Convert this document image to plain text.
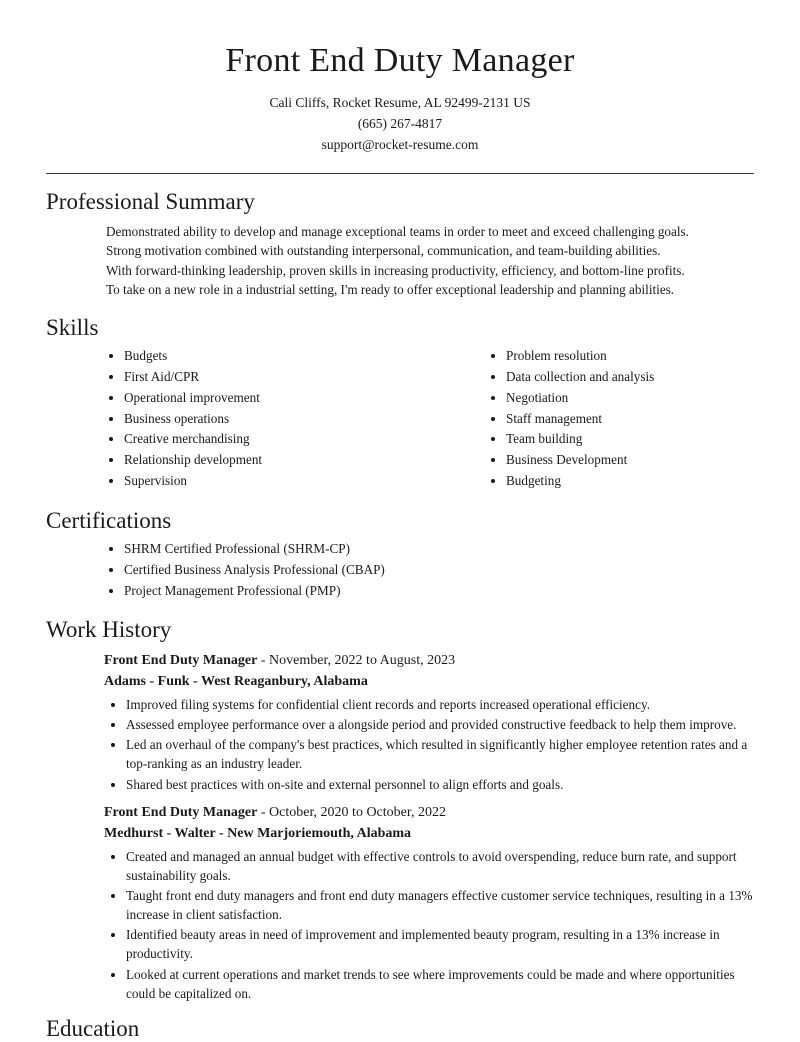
Front End Duty Manager
Cali Cliffs, Rocket Resume, AL 92499-2131 US
(665) 267-4817
support@rocket-resume.com
Professional Summary
Demonstrated ability to develop and manage exceptional teams in order to meet and exceed challenging goals.
Strong motivation combined with outstanding interpersonal, communication, and team-building abilities.
With forward-thinking leadership, proven skills in increasing productivity, efficiency, and bottom-line profits.
To take on a new role in a industrial setting, I'm ready to offer exceptional leadership and planning abilities.
Skills
• Budgets
• First Aid/CPR
• Operational improvement
• Business operations
• Creative merchandising
• Relationship development
• Supervision
• Problem resolution
• Data collection and analysis
• Negotiation
• Staff management
• Team building
• Business Development
• Budgeting
Certifications
• SHRM Certified Professional (SHRM-CP)
• Certified Business Analysis Professional (CBAP)
• Project Management Professional (PMP)
Work History
Front End Duty Manager - November, 2022 to August, 2023
Adams - Funk - West Reaganbury, Alabama
• Improved filing systems for confidential client records and reports increased operational efficiency.
• Assessed employee performance over a alongside period and provided constructive feedback to help them improve.
• Led an overhaul of the company's best practices, which resulted in significantly higher employee retention rates and a top-ranking as an industry leader.
• Shared best practices with on-site and external personnel to align efforts and goals.
Front End Duty Manager - October, 2020 to October, 2022
Medhurst - Walter - New Marjoriemouth, Alabama
• Created and managed an annual budget with effective controls to avoid overspending, reduce burn rate, and support sustainability goals.
• Taught front end duty managers and front end duty managers effective customer service techniques, resulting in a 13% increase in client satisfaction.
• Identified beauty areas in need of improvement and implemented beauty program, resulting in a 13% increase in productivity.
• Looked at current operations and market trends to see where improvements could be made and where opportunities could be capitalized on.
Education
